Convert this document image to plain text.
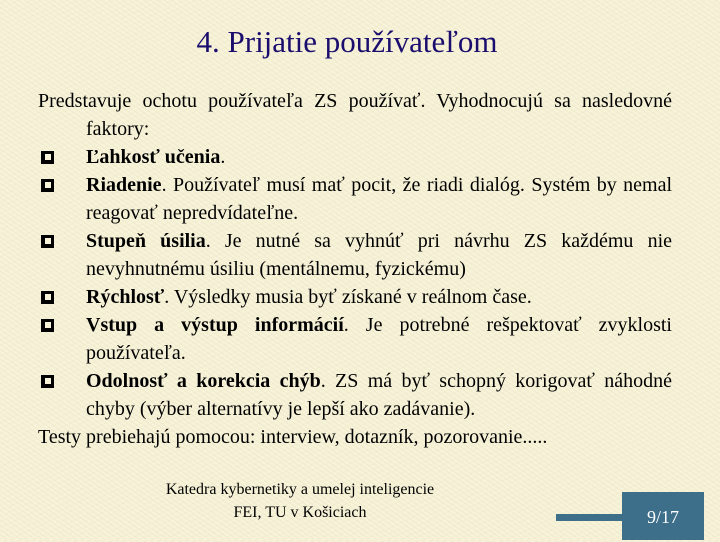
4. Prijatie používateľom

Predstavuje ochotu používateľa ZS používať. Vyhodnocujú sa nasledovné faktory:

Ľahkosť učenia.

Riadenie. Používateľ musí mať pocit, že riadi dialóg. Systém by nemal reagovať nepredvídateľne.

Stupeň úsilia. Je nutné sa vyhnúť pri návrhu ZS každému nie nevyhnutnému úsiliu (mentálnemu, fyzickému)

Rýchlosť. Výsledky musia byť získané v reálnom čase.

Vstup a výstup informácií. Je potrebné rešpektovať zvyklosti používateľa.

Odolnosť a korekcia chýb. ZS má byť schopný korigovať náhodné chyby (výber alternatívy je lepší ako zadávanie).

Testy prebiehajú pomocou: interview, dotazník, pozorovanie.....

Katedra kybernetiky a umelej inteligencie
FEI, TU v Košiciach	9/17
